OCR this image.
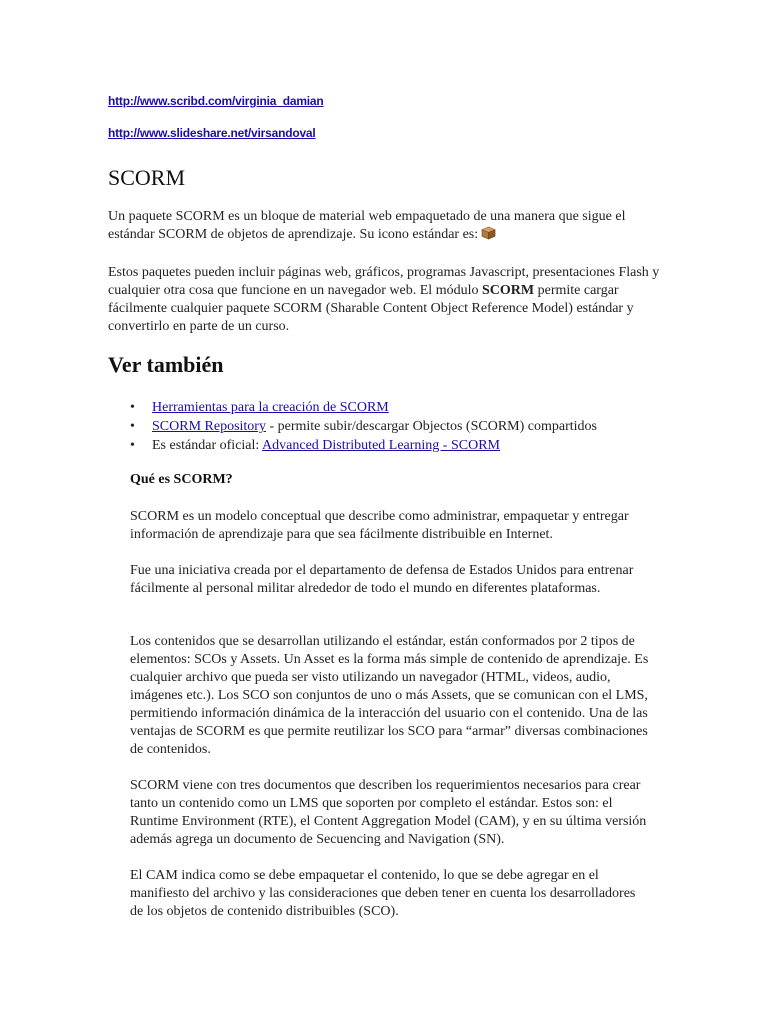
http://www.scribd.com/virginia_damian
http://www.slideshare.net/virsandoval
SCORM

Un paquete SCORM es un bloque de material web empaquetado de una manera que sigue el estándar SCORM de objetos de aprendizaje. Su icono estándar es:

Estos paquetes pueden incluir páginas web, gráficos, programas Javascript, presentaciones Flash y cualquier otra cosa que funcione en un navegador web. El módulo SCORM permite cargar fácilmente cualquier paquete SCORM (Sharable Content Object Reference Model) estándar y convertirlo en parte de un curso.

Ver también
• Herramientas para la creación de SCORM
• SCORM Repository - permite subir/descargar Objectos (SCORM) compartidos
• Es estándar oficial: Advanced Distributed Learning - SCORM

Qué es SCORM?

SCORM es un modelo conceptual que describe como administrar, empaquetar y entregar información de aprendizaje para que sea fácilmente distribuible en Internet.

Fue una iniciativa creada por el departamento de defensa de Estados Unidos para entrenar fácilmente al personal militar alrededor de todo el mundo en diferentes plataformas.

Los contenidos que se desarrollan utilizando el estándar, están conformados por 2 tipos de elementos: SCOs y Assets. Un Asset es la forma más simple de contenido de aprendizaje. Es cualquier archivo que pueda ser visto utilizando un navegador (HTML, videos, audio, imágenes etc.). Los SCO son conjuntos de uno o más Assets, que se comunican con el LMS, permitiendo información dinámica de la interacción del usuario con el contenido. Una de las ventajas de SCORM es que permite reutilizar los SCO para “armar” diversas combinaciones de contenidos.

SCORM viene con tres documentos que describen los requerimientos necesarios para crear tanto un contenido como un LMS que soporten por completo el estándar. Estos son: el Runtime Environment (RTE), el Content Aggregation Model (CAM), y en su última versión además agrega un documento de Secuencing and Navigation (SN).

El CAM indica como se debe empaquetar el contenido, lo que se debe agregar en el manifiesto del archivo y las consideraciones que deben tener en cuenta los desarrolladores de los objetos de contenido distribuibles (SCO).
